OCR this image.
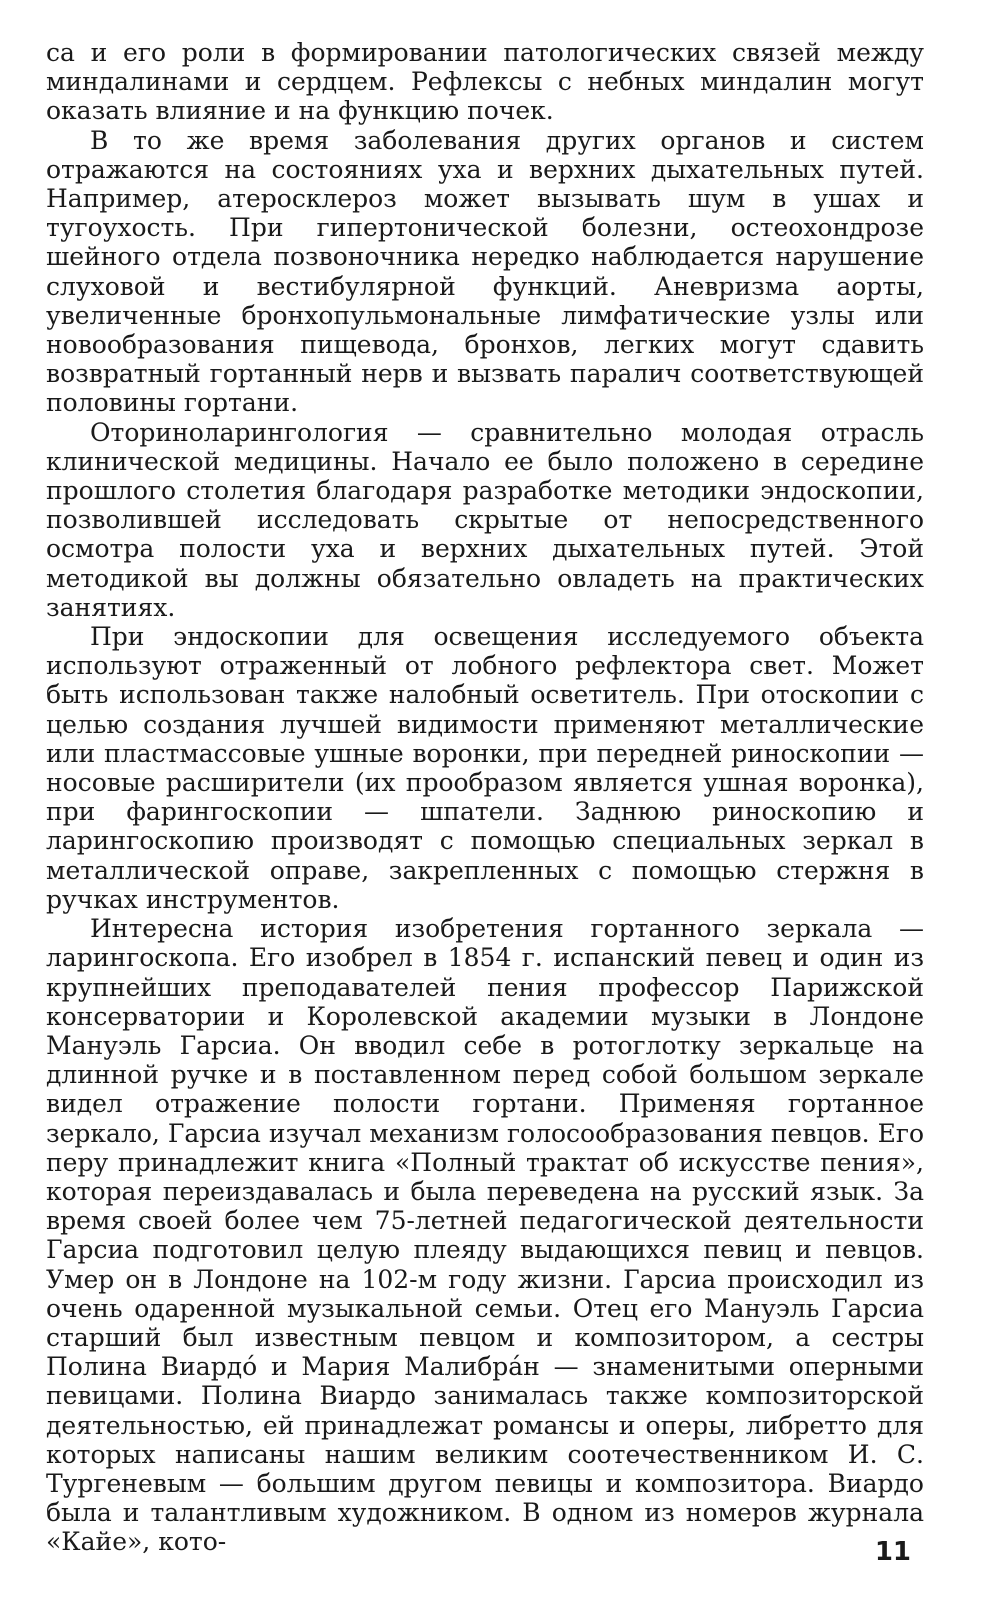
са и его роли в формировании патологических связей между миндалинами и сердцем. Рефлексы с небных миндалин могут оказать влияние и на функцию почек.

В то же время заболевания других органов и систем отражаются на состояниях уха и верхних дыхательных путей. Например, атеросклероз может вызывать шум в ушах и тугоухость. При гипертонической болезни, остеохондрозе шейного отдела позвоночника нередко наблюдается нарушение слуховой и вестибулярной функций. Аневризма аорты, увеличенные бронхопульмональные лимфатические узлы или новообразования пищевода, бронхов, легких могут сдавить возвратный гортанный нерв и вызвать паралич соответствующей половины гортани.

Оториноларингология — сравнительно молодая отрасль клинической медицины. Начало ее было положено в середине прошлого столетия благодаря разработке методики эндоскопии, позволившей исследовать скрытые от непосредственного осмотра полости уха и верхних дыхательных путей. Этой методикой вы должны обязательно овладеть на практических занятиях.

При эндоскопии для освещения исследуемого объекта используют отраженный от лобного рефлектора свет. Может быть использован также налобный осветитель. При отоскопии с целью создания лучшей видимости применяют металлические или пластмассовые ушные воронки, при передней риноскопии — носовые расширители (их прообразом является ушная воронка), при фарингоскопии — шпатели. Заднюю риноскопию и ларингоскопию производят с помощью специальных зеркал в металлической оправе, закрепленных с помощью стержня в ручках инструментов.

Интересна история изобретения гортанного зеркала — ларингоскопа. Его изобрел в 1854 г. испанский певец и один из крупнейших преподавателей пения профессор Парижской консерватории и Королевской академии музыки в Лондоне Мануэль Гарсиа. Он вводил себе в ротоглотку зеркальце на длинной ручке и в поставленном перед собой большом зеркале видел отражение полости гортани. Применяя гортанное зеркало, Гарсиа изучал механизм голосообразования певцов. Его перу принадлежит книга «Полный трактат об искусстве пения», которая переиздавалась и была переведена на русский язык. За время своей более чем 75-летней педагогической деятельности Гарсиа подготовил целую плеяду выдающихся певиц и певцов. Умер он в Лондоне на 102-м году жизни. Гарсиа происходил из очень одаренной музыкальной семьи. Отец его Мануэль Гарсиа старший был известным певцом и композитором, а сестры Полина Виардó и Мария Малибрáн — знаменитыми оперными певицами. Полина Виардо занималась также композиторской деятельностью, ей принадлежат романсы и оперы, либретто для которых написаны нашим великим соотечественником И. С. Тургеневым — большим другом певицы и композитора. Виардо была и талантливым художником. В одном из номеров журнала «Кайе», кото-	11
